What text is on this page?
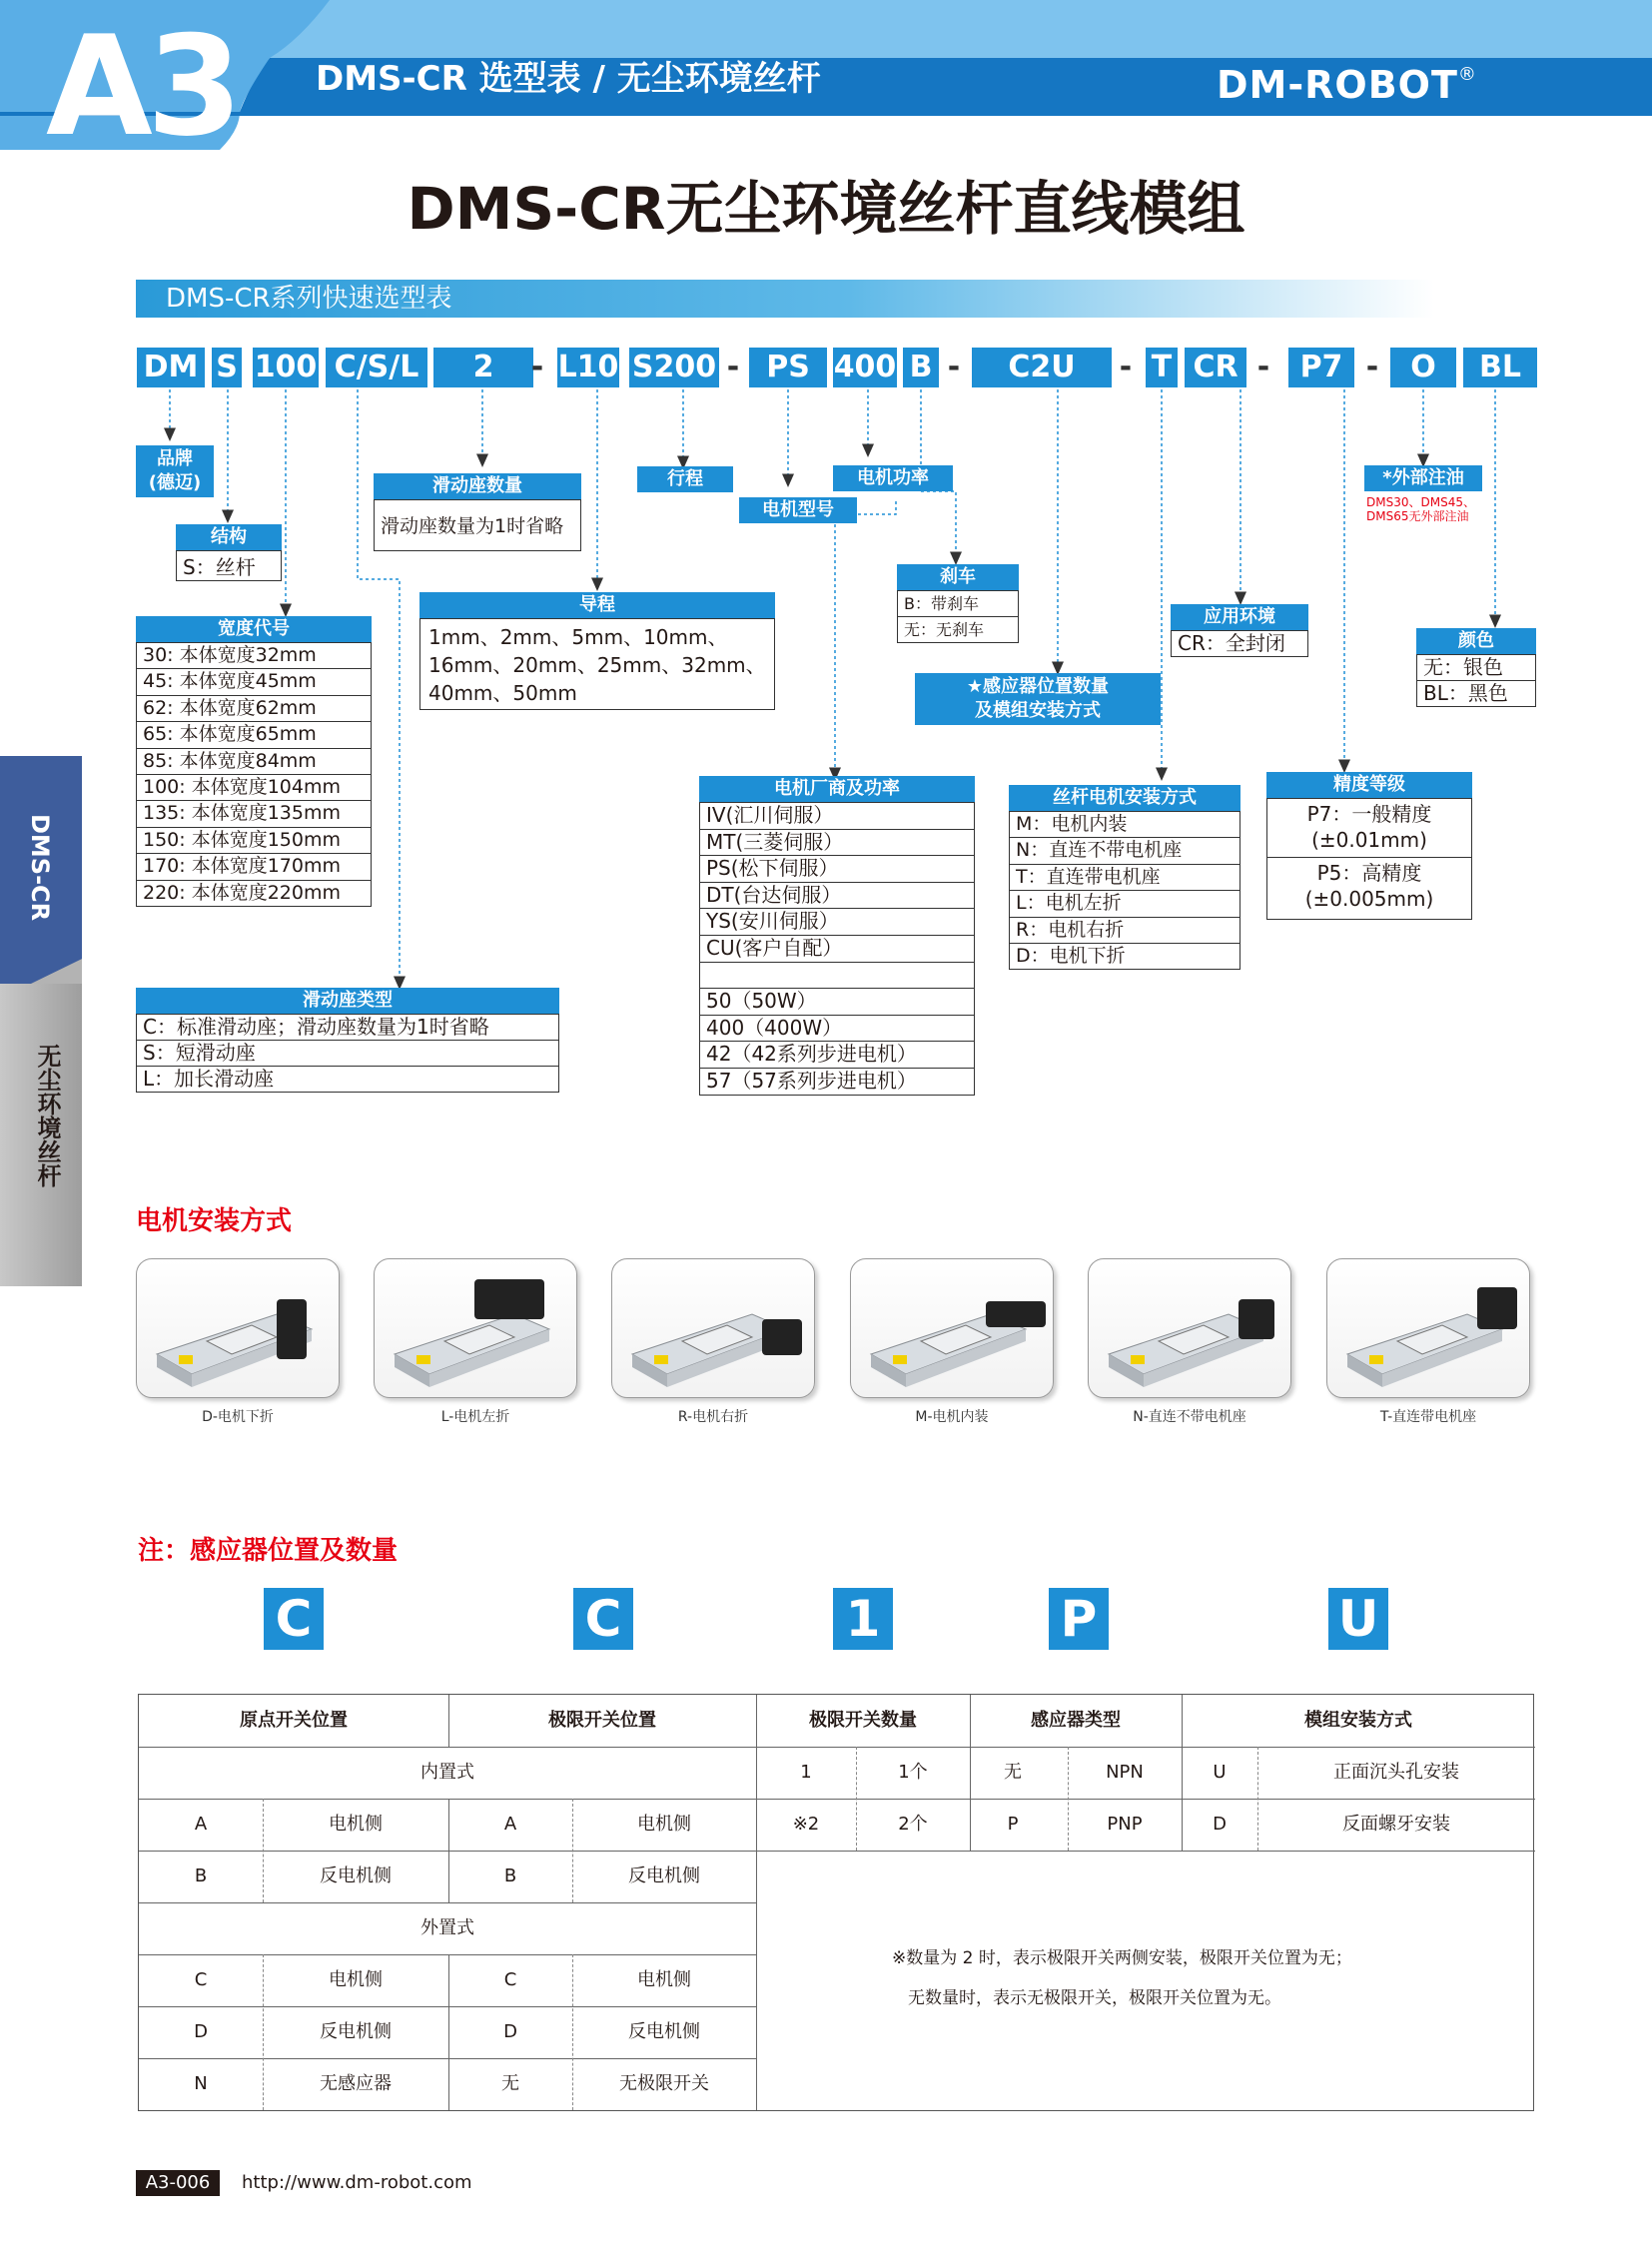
A3 DMS-CR 选型表 / 无尘环境丝杆	DM-ROBOT®
DMS-CR无尘环境丝杆直线模组
DMS-CR系列快速选型表
DM S 100 C/S/L	2	- L10 S200 - PS 400 B -	C2U	- T CR -	P7 -	O	BL
品牌
(德迈)
结构
S：丝杆
宽度代号
30: 本体宽度32mm
45: 本体宽度45mm
62: 本体宽度62mm
65: 本体宽度65mm
85: 本体宽度84mm
100: 本体宽度104mm
135: 本体宽度135mm
150: 本体宽度150mm
170: 本体宽度170mm
220: 本体宽度220mm
滑动座数量
滑动座数量为1时省略
滑动座类型
C：标准滑动座；滑动座数量为1时省略
S：短滑动座
L：加长滑动座
导程
1mm、2mm、5mm、10mm、
16mm、20mm、25mm、32mm、
40mm、50mm
行程	电机功率
电机型号
刹车
B：带刹车
无：无刹车
★感应器位置数量
及模组安装方式
电机厂商及功率
IV(汇川伺服）
MT(三菱伺服）
PS(松下伺服）
DT(台达伺服）
YS(安川伺服）
CU(客户自配）
50（50W）
400（400W）
42（42系列步进电机）
57（57系列步进电机）
丝杆电机安装方式
M：电机内装
N：直连不带电机座
T：直连带电机座
L：电机左折
R：电机右折
D：电机下折
应用环境
CR：全封闭
精度等级
P7：一般精度
(±0.01mm)
P5：高精度
(±0.005mm)
*外部注油
DMS30、DMS45、
DMS65无外部注油
颜色
无：银色
BL：黑色
DMS-CR
无尘环境丝杆
电机安装方式
D-电机下折	L-电机左折	R-电机右折	M-电机内装	N-直连不带电机座	T-直连带电机座
注：感应器位置及数量
C	C	1	P	U
原点开关位置	极限开关位置	极限开关数量	感应器类型	模组安装方式
内置式
外置式
A	电机侧	A	电机侧
B	反电机侧	B	反电机侧
C	电机侧	C	电机侧
D	反电机侧	D	反电机侧
N	无感应器	无	无极限开关
1	1个	无	NPN	U	正面沉头孔安装
※2	2个	P	PNP	D	反面螺牙安装
※数量为 2 时，表示极限开关两侧安装，极限开关位置为无；
无数量时，表示无极限开关，极限开关位置为无。
A3-006	http://www.dm-robot.com
